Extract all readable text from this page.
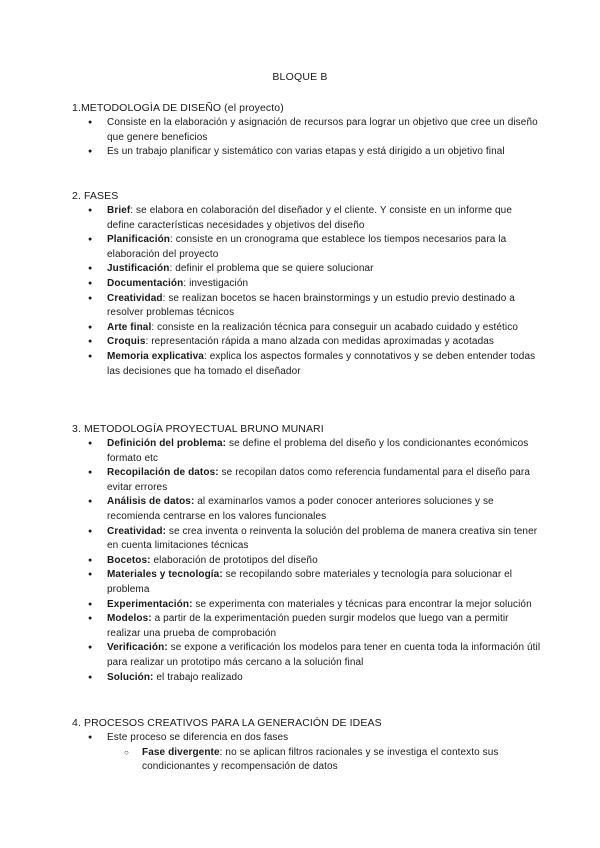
BLOQUE B
1.METODOLOGÌA DE DISEÑO (el proyecto)
● Consiste en la elaboración y asignación de recursos para lograr un objetivo que cree un diseño que genere beneficios
● Es un trabajo planificar y sistemático con varias etapas y está dirigido a un objetivo final
2. FASES
● Brief: se elabora en colaboración del diseñador y el cliente. Y consiste en un informe que define características necesidades y objetivos del diseño
● Planificación: consiste en un cronograma que establece los tiempos necesarios para la elaboración del proyecto
● Justificación: definir el problema que se quiere solucionar
● Documentación: investigación
● Creatividad: se realizan bocetos se hacen brainstormings y un estudio previo destinado a resolver problemas técnicos
● Arte final: consiste en la realización técnica para conseguir un acabado cuidado y estético
● Croquis: representación rápida a mano alzada con medidas aproximadas y acotadas
● Memoria explicativa: explica los aspectos formales y connotativos y se deben entender todas las decisiones que ha tomado el diseñador
3. METODOLOGÍA PROYECTUAL BRUNO MUNARI
● Definición del problema: se define el problema del diseño y los condicionantes económicos formato etc
● Recopilación de datos: se recopilan datos como referencia fundamental para el diseño para evitar errores
● Análisis de datos: al examinarlos vamos a poder conocer anteriores soluciones y se recomienda centrarse en los valores funcionales
● Creatividad: se crea inventa o reinventa la solución del problema de manera creativa sin tener en cuenta limitaciones técnicas
● Bocetos: elaboración de prototipos del diseño
● Materiales y tecnología: se recopilando sobre materiales y tecnología para solucionar el problema
● Experimentación: se experimenta con materiales y técnicas para encontrar la mejor solución
● Modelos: a partir de la experimentación pueden surgir modelos que luego van a permitir realizar una prueba de comprobación
● Verificación: se expone a verificación los modelos para tener en cuenta toda la información útil para realizar un prototipo más cercano a la solución final
● Solución: el trabajo realizado
4. PROCESOS CREATIVOS PARA LA GENERACIÓN DE IDEAS
● Este proceso se diferencia en dos fases
○ Fase divergente: no se aplican filtros racionales y se investiga el contexto sus condicionantes y recompensación de datos
